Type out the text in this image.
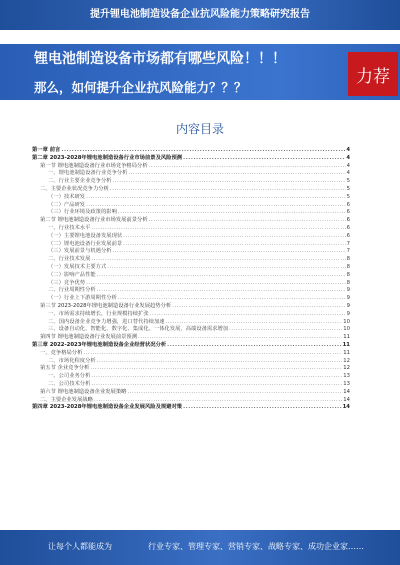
提升锂电池制造设备企业抗风险能力策略研究报告
锂电池制造设备市场都有哪些风险！！！
那么，如何提升企业抗风险能力？？？
力荐
内容目录
第一章 前言 .....	4
第二章 2023-2028年锂电池制造设备行业市场前景及风险预测 .....	4
第一节 锂电池制造设备行业市场竞争格局分析 .....	4
一、锂电池制造设备行业竞争分析 .....	4
二、行业主要企业竞争分析 .....	5
二、主要企业状况竞争力分析 .....	5
（一）技术研发 .....	5
（二）产品研发 .....	6
（三）行业环境及政策的影响 .....	6
第二节 锂电池制造设备行业市场发展前景分析 .....	6
一、行业技术水平 .....	6
（一）主要锂电池设备发展现状 .....	6
（二）锂电池设备行业发展前景 .....	7
（三）发展前景与机遇分析 .....	7
二、行业技术发展 .....	8
（一）发展技术主要方式 .....	8
（二）影响产品性能 .....	8
（三）竞争优势 .....	8
二、行业周期性分析 .....	9
（一）行业上下游周期性分析 .....	9
第三节 2023-2028年锂电池制造设备行业发展趋势分析 .....	9
一、市场需求持续增长，行业规模持续扩张 .....	9
二、国内设备企业竞争力增强，进口替代持续加速 .....	10
三、设备自动化、智能化、数字化、集成化、一体化发展，高端设备需求增加 .....	10
第四节 锂电池制造设备行业发展前景预测 .....	11
第三章 2022-2023年锂电池制造设备企业经营状况分析 .....	11
一、竞争格局分析 .....	11
二、市场化程度分析 .....	12
第五节 企业竞争分析 .....	12
一、公司业务分析 .....	13
二、公司技术分析 .....	13
第六节 锂电池制造设备企业发展策略 .....	14
二、主要企业发展战略 .....	14
第四章 2023-2028年锂电池制造设备企业发展风险及规避对策 .....	14
让每个人都能成为	行业专家、管理专家、营销专家、战略专家、成功企业家……
